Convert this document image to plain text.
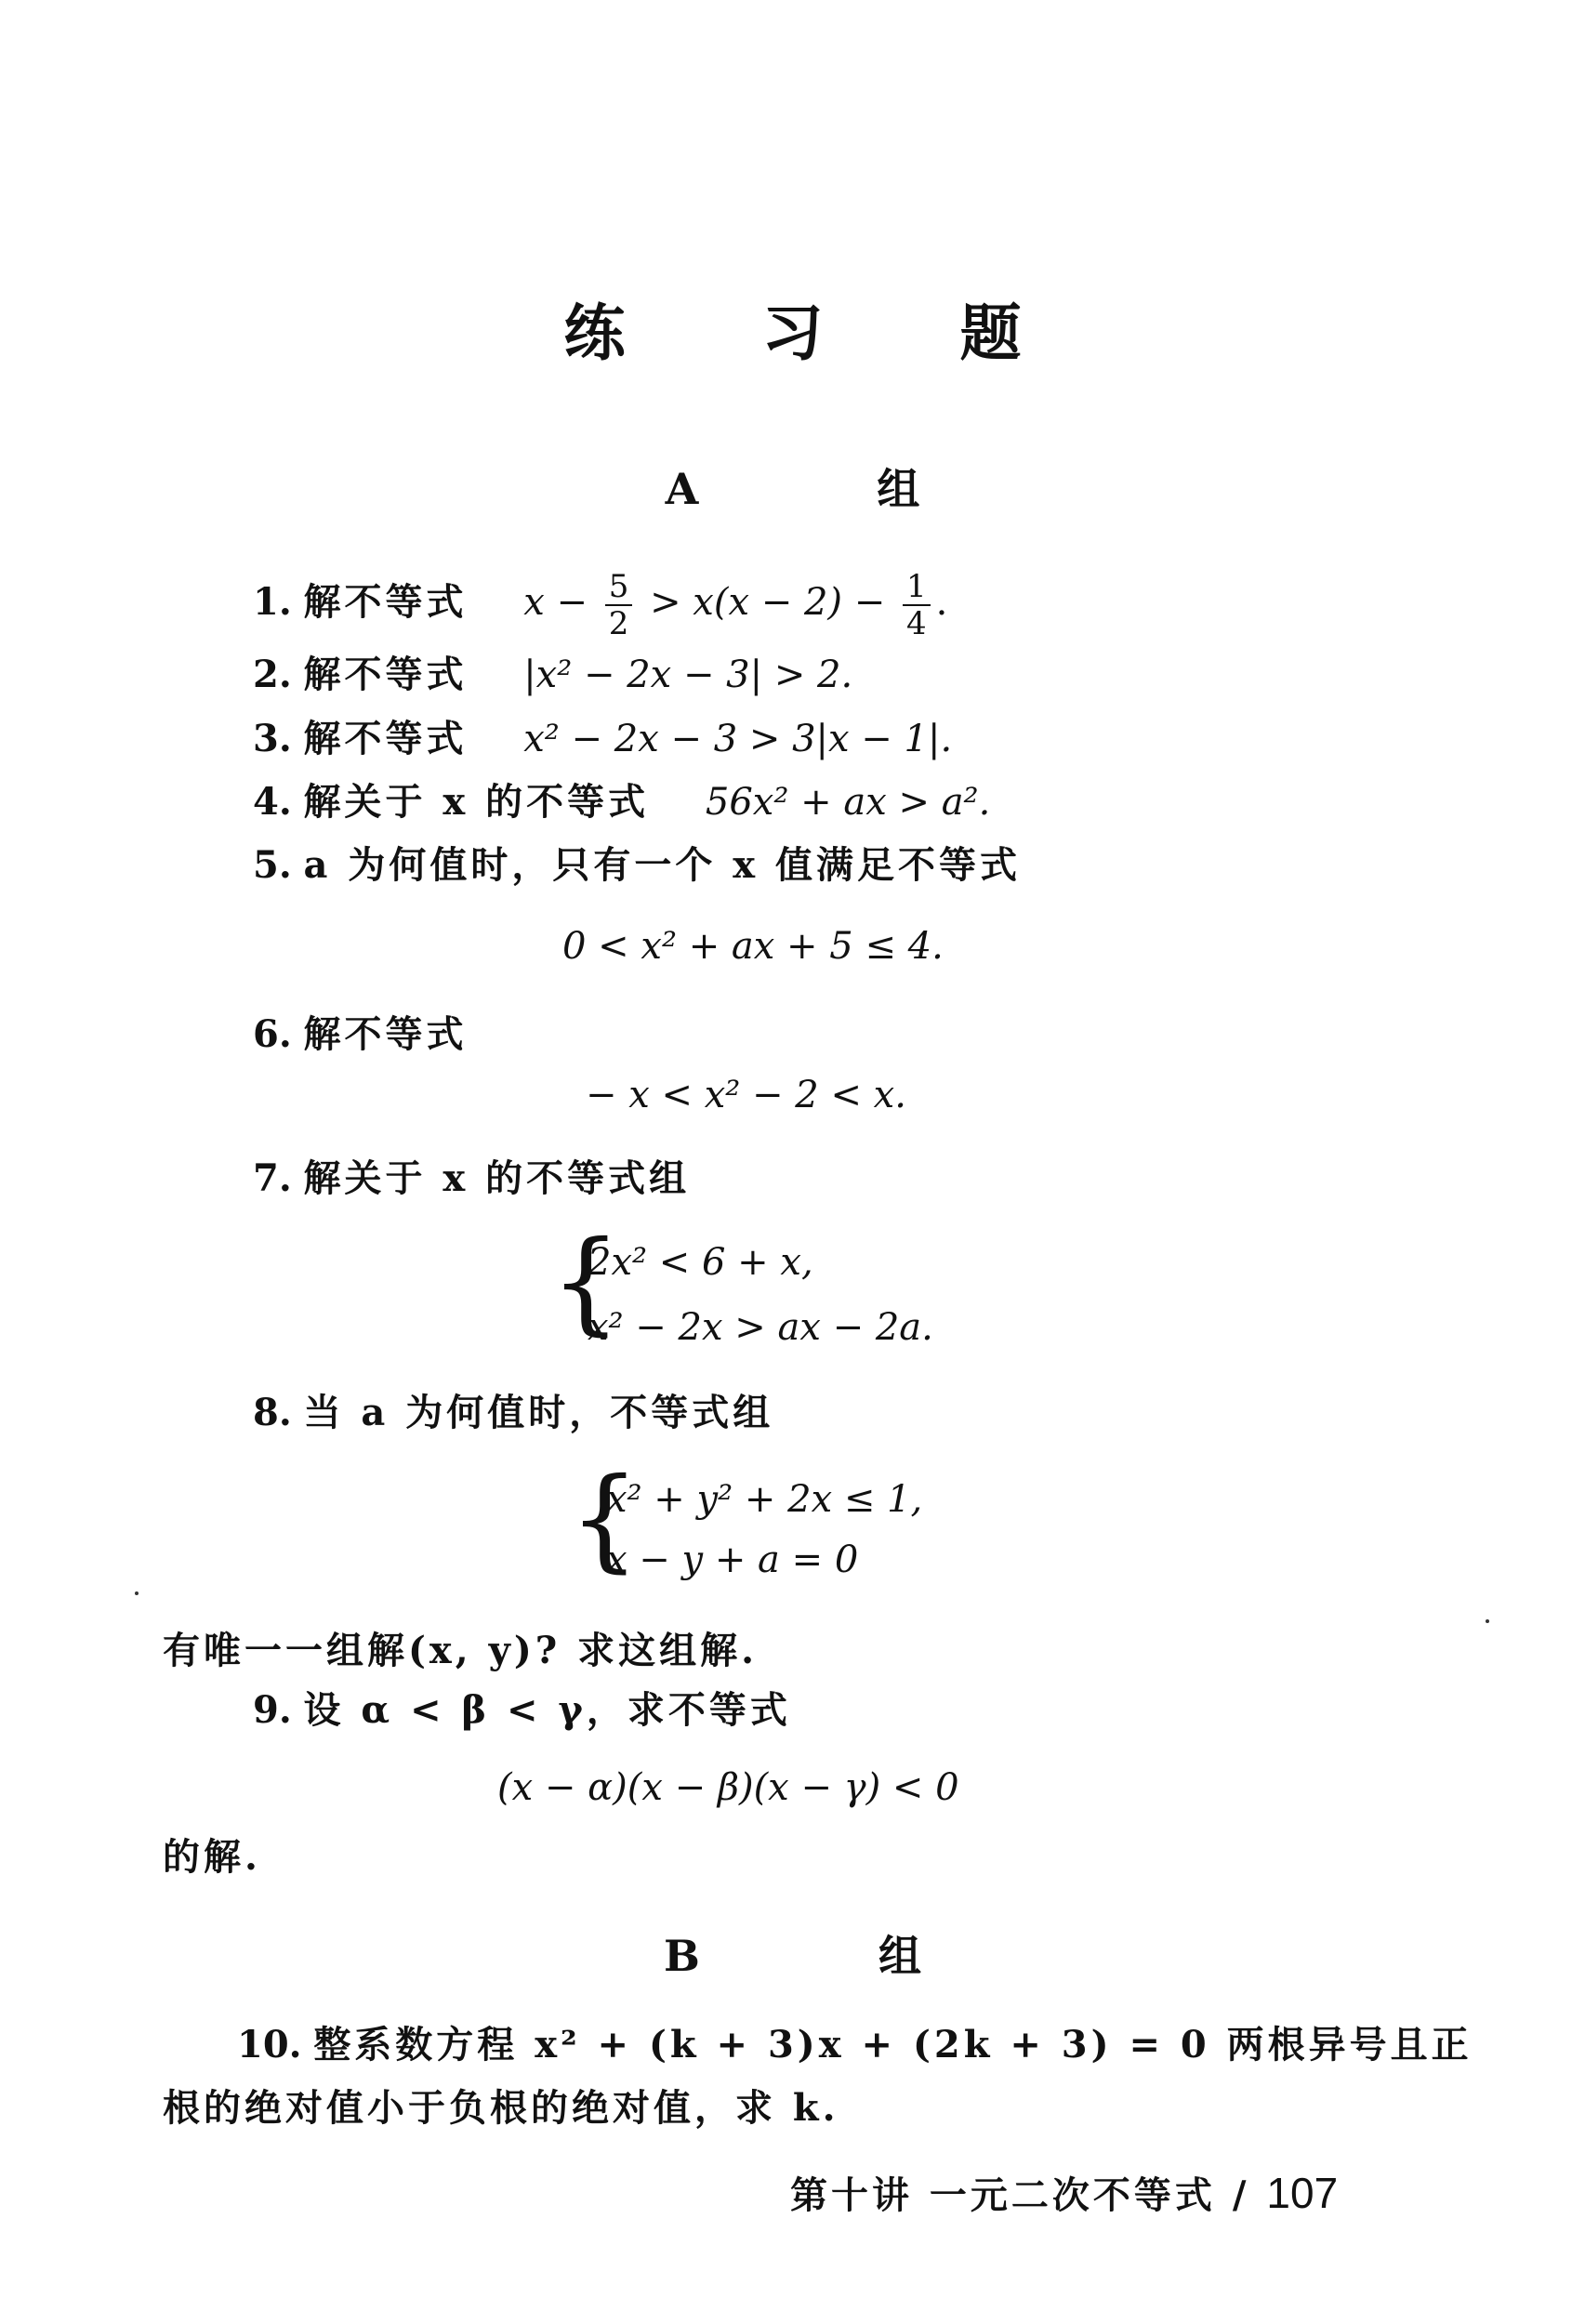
练 习 题
A 组
1. 解不等式 $x - \frac{5}{2} > x(x - 2) - \frac{1}{4}$ .
2. 解不等式 |x² − 2x − 3| > 2.
3. 解不等式 x² − 2x − 3 > 3|x − 1|.
4. 解关于 x 的不等式 56x² + ax > a².
5. a 为何值时，只有一个 x 值满足不等式
0 < x² + ax + 5 ≤ 4.
6. 解不等式
− x < x² − 2 < x.
7. 解关于 x 的不等式组
{
2x² < 6 + x,
x² − 2x > ax − 2a.
8. 当 a 为何值时，不等式组
{
x² + y² + 2x ≤ 1,
x − y + a = 0
有唯一一组解(x, y)? 求这组解.
9. 设 α < β < γ，求不等式
(x − α)(x − β)(x − γ) < 0
的解.
B 组
10. 整系数方程 x² + (k + 3)x + (2k + 3) = 0 两根异号且正
根的绝对值小于负根的绝对值，求 k.
第十讲 一元二次不等式 / 107
